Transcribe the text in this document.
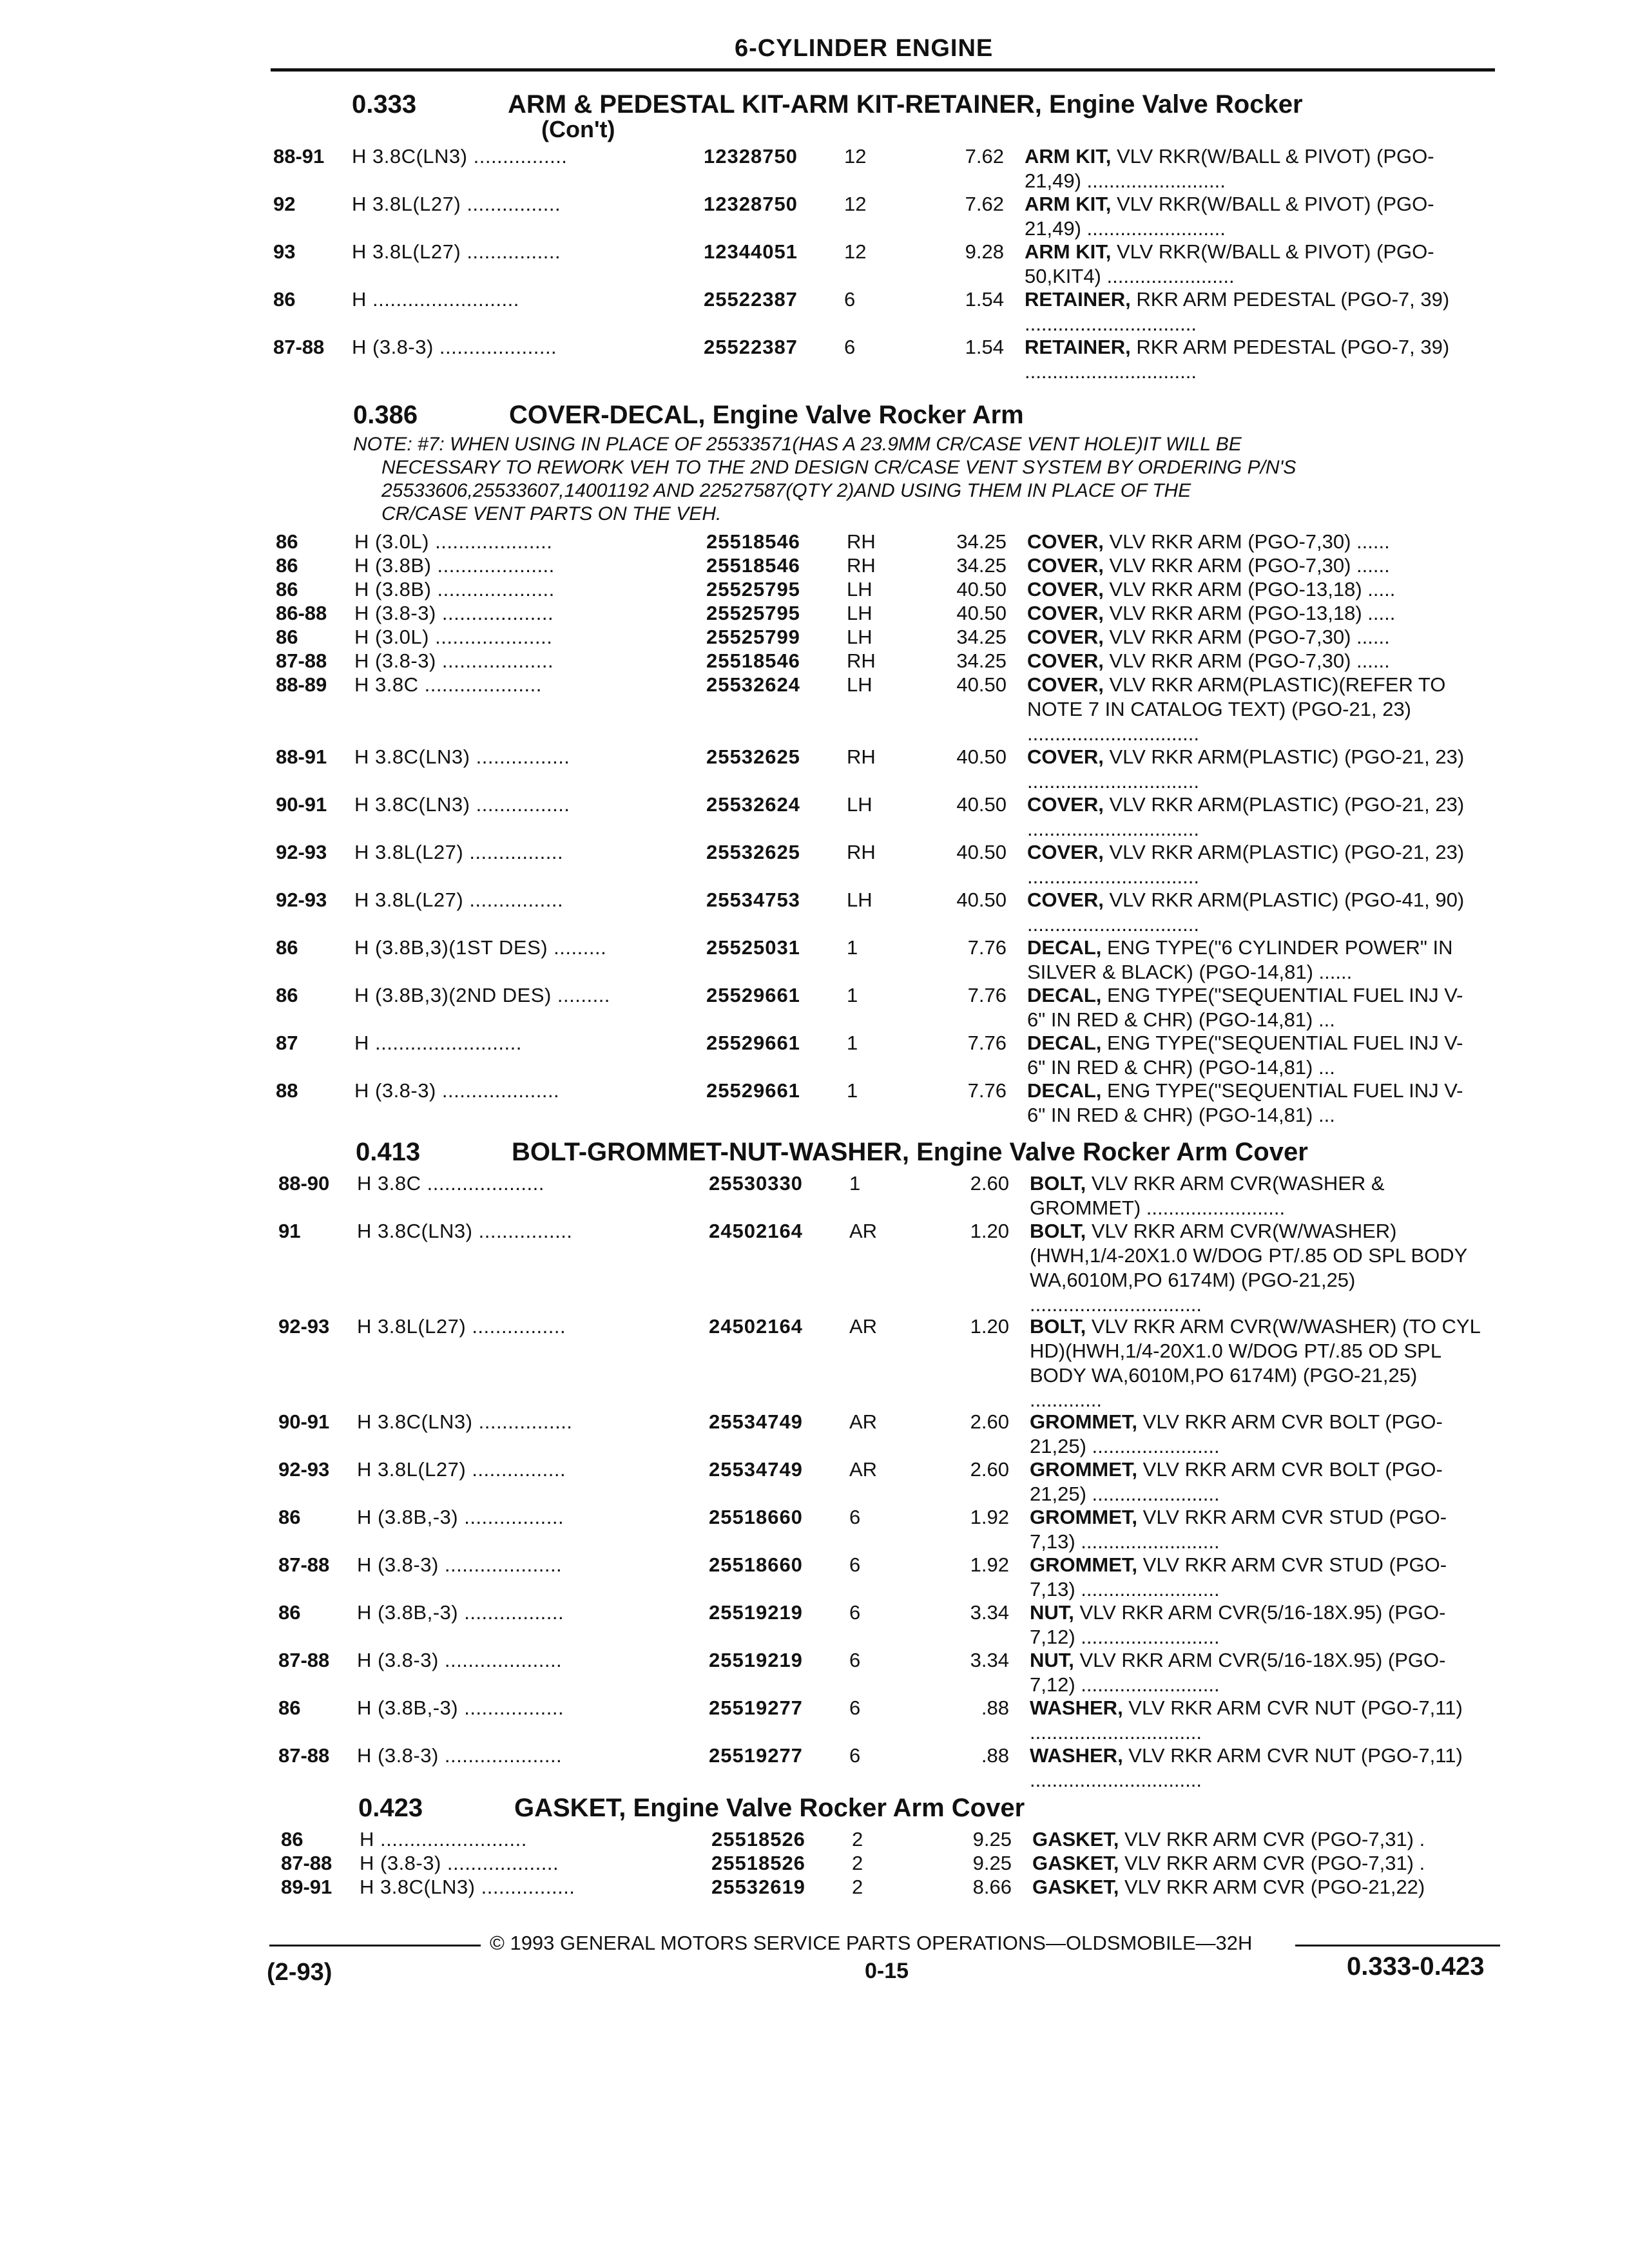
6-CYLINDER ENGINE
0.333	ARM & PEDESTAL KIT-ARM KIT-RETAINER, Engine Valve Rocker
(Con't)
88-91 H 3.8C(LN3) ................	12328750 12	7.62 ARM KIT, VLV RKR(W/BALL & PIVOT) (PGO-21,49) .........................
92	H 3.8L(L27) ................	12328750 12	7.62 ARM KIT, VLV RKR(W/BALL & PIVOT) (PGO-21,49) .........................
93	H 3.8L(L27) ................	12344051 12	9.28 ARM KIT, VLV RKR(W/BALL & PIVOT) (PGO-50,KIT4) .......................
86	H .........................	25522387 6	1.54 RETAINER, RKR ARM PEDESTAL (PGO-7, 39) ...............................
87-88 H (3.8-3) ....................	25522387 6	1.54 RETAINER, RKR ARM PEDESTAL (PGO-7, 39) ...............................
0.386	COVER-DECAL, Engine Valve Rocker Arm
NOTE: #7: WHEN USING IN PLACE OF 25533571(HAS A 23.9MM CR/CASE VENT HOLE)IT WILL BE
NECESSARY TO REWORK VEH TO THE 2ND DESIGN CR/CASE VENT SYSTEM BY ORDERING P/N'S
25533606,25533607,14001192 AND 22527587(QTY 2)AND USING THEM IN PLACE OF THE
CR/CASE VENT PARTS ON THE VEH.
86	H (3.0L) ....................	25518546 RH	34.25 COVER, VLV RKR ARM (PGO-7,30) ......
86	H (3.8B) ....................	25518546 RH	34.25 COVER, VLV RKR ARM (PGO-7,30) ......
86	H (3.8B) ....................	25525795 LH	40.50 COVER, VLV RKR ARM (PGO-13,18) .....
86-88 H (3.8-3) ...................	25525795 LH	40.50 COVER, VLV RKR ARM (PGO-13,18) .....
86	H (3.0L) ....................	25525799 LH	34.25 COVER, VLV RKR ARM (PGO-7,30) ......
87-88 H (3.8-3) ...................	25518546 RH	34.25 COVER, VLV RKR ARM (PGO-7,30) ......
88-89 H 3.8C ....................	25532624 LH	40.50 COVER, VLV RKR ARM(PLASTIC)(REFER TO NOTE 7 IN CATALOG TEXT) (PGO-21, 23) ...............................
88-91 H 3.8C(LN3) ................	25532625 RH	40.50 COVER, VLV RKR ARM(PLASTIC) (PGO-21, 23) ...............................
90-91 H 3.8C(LN3) ................	25532624 LH	40.50 COVER, VLV RKR ARM(PLASTIC) (PGO-21, 23) ...............................
92-93 H 3.8L(L27) ................	25532625 RH	40.50 COVER, VLV RKR ARM(PLASTIC) (PGO-21, 23) ...............................
92-93 H 3.8L(L27) ................	25534753 LH	40.50 COVER, VLV RKR ARM(PLASTIC) (PGO-41, 90) ...............................
86	H (3.8B,3)(1ST DES) .........	25525031 1	7.76 DECAL, ENG TYPE("6 CYLINDER POWER" IN SILVER & BLACK) (PGO-14,81) ......
86	H (3.8B,3)(2ND DES) .........	25529661 1	7.76 DECAL, ENG TYPE("SEQUENTIAL FUEL INJ V-6" IN RED & CHR) (PGO-14,81) ...
87	H .........................	25529661 1	7.76 DECAL, ENG TYPE("SEQUENTIAL FUEL INJ V-6" IN RED & CHR) (PGO-14,81) ...
88	H (3.8-3) ....................	25529661 1	7.76 DECAL, ENG TYPE("SEQUENTIAL FUEL INJ V-6" IN RED & CHR) (PGO-14,81) ...
0.413	BOLT-GROMMET-NUT-WASHER, Engine Valve Rocker Arm Cover
88-90 H 3.8C ....................	25530330 1	2.60 BOLT, VLV RKR ARM CVR(WASHER & GROMMET) .........................
91	H 3.8C(LN3) ................	24502164 AR	1.20 BOLT, VLV RKR ARM CVR(W/WASHER) (HWH,1/4-20X1.0 W/DOG PT/.85 OD SPL BODY WA,6010M,PO 6174M) (PGO-21,25) ...............................
92-93 H 3.8L(L27) ................	24502164 AR	1.20 BOLT, VLV RKR ARM CVR(W/WASHER) (TO CYL HD)(HWH,1/4-20X1.0 W/DOG PT/.85 OD SPL BODY WA,6010M,PO 6174M) (PGO-21,25) .............
90-91 H 3.8C(LN3) ................	25534749 AR	2.60 GROMMET, VLV RKR ARM CVR BOLT (PGO-21,25) .......................
92-93 H 3.8L(L27) ................	25534749 AR	2.60 GROMMET, VLV RKR ARM CVR BOLT (PGO-21,25) .......................
86	H (3.8B,-3) .................	25518660 6	1.92 GROMMET, VLV RKR ARM CVR STUD (PGO-7,13) .........................
87-88 H (3.8-3) ....................	25518660 6	1.92 GROMMET, VLV RKR ARM CVR STUD (PGO-7,13) .........................
86	H (3.8B,-3) .................	25519219 6	3.34 NUT, VLV RKR ARM CVR(5/16-18X.95) (PGO-7,12) .........................
87-88 H (3.8-3) ....................	25519219 6	3.34 NUT, VLV RKR ARM CVR(5/16-18X.95) (PGO-7,12) .........................
86	H (3.8B,-3) .................	25519277 6	.88 WASHER, VLV RKR ARM CVR NUT (PGO-7,11) ...............................
87-88 H (3.8-3) ....................	25519277 6	.88 WASHER, VLV RKR ARM CVR NUT (PGO-7,11) ...............................
0.423	GASKET, Engine Valve Rocker Arm Cover
86	H .........................	25518526 2	9.25 GASKET, VLV RKR ARM CVR (PGO-7,31) .
87-88 H (3.8-3) ...................	25518526 2	9.25 GASKET, VLV RKR ARM CVR (PGO-7,31) .
89-91 H 3.8C(LN3) ................	25532619 2	8.66 GASKET, VLV RKR ARM CVR (PGO-21,22)
© 1993 GENERAL MOTORS SERVICE PARTS OPERATIONS—OLDSMOBILE—32H
(2-93)	0-15	0.333-0.423
